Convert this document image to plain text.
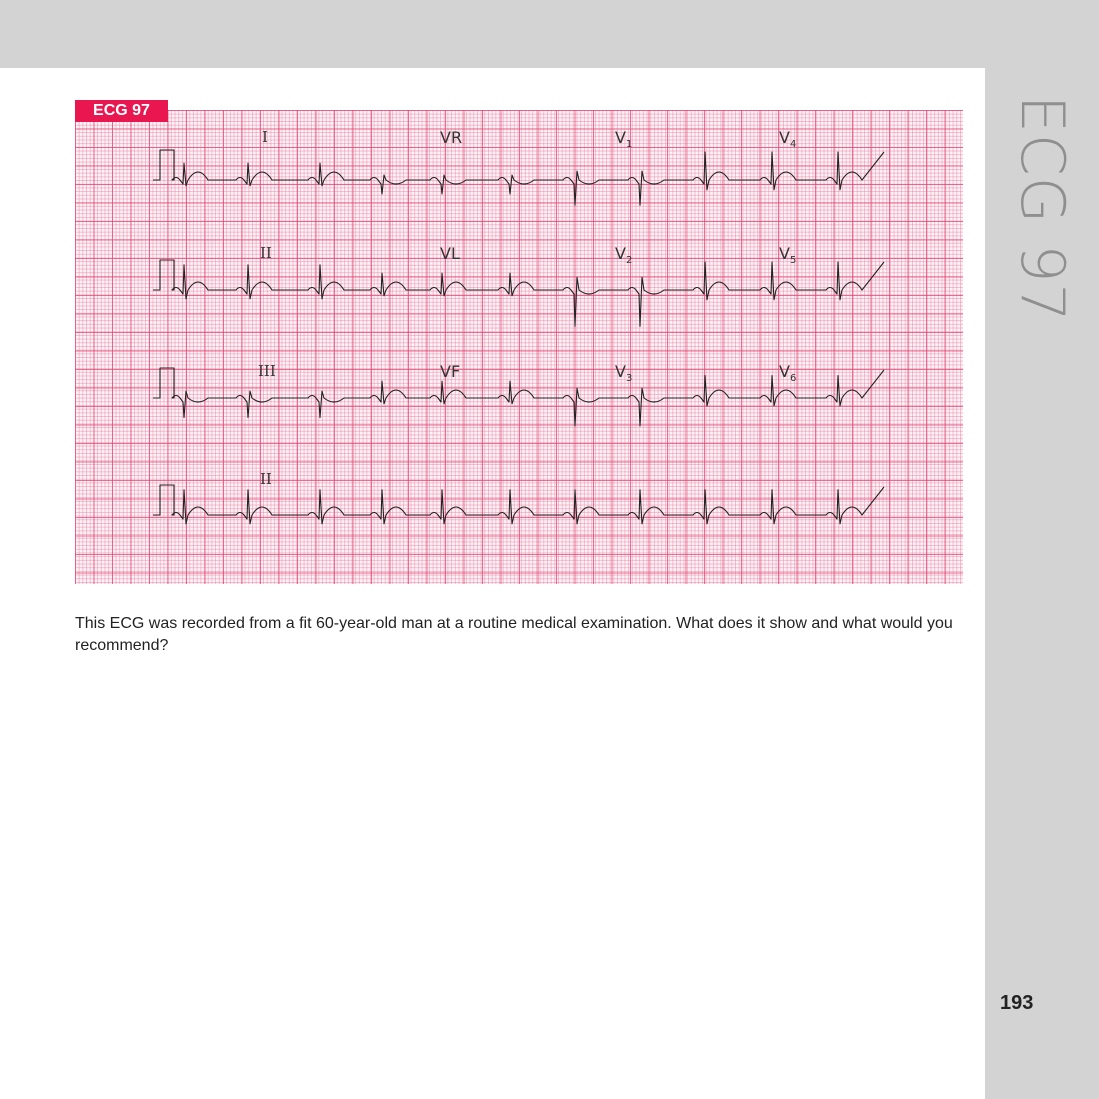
ECG 97
ECG 97
I	VR	$V_1$	$V_4$
II	VL	$V_2$	$V_5$
III	VF	$V_3$	$V_6$
II
This ECG was recorded from a fit 60-year-old man at a routine medical examination. What does it show and what would you recommend?
193
